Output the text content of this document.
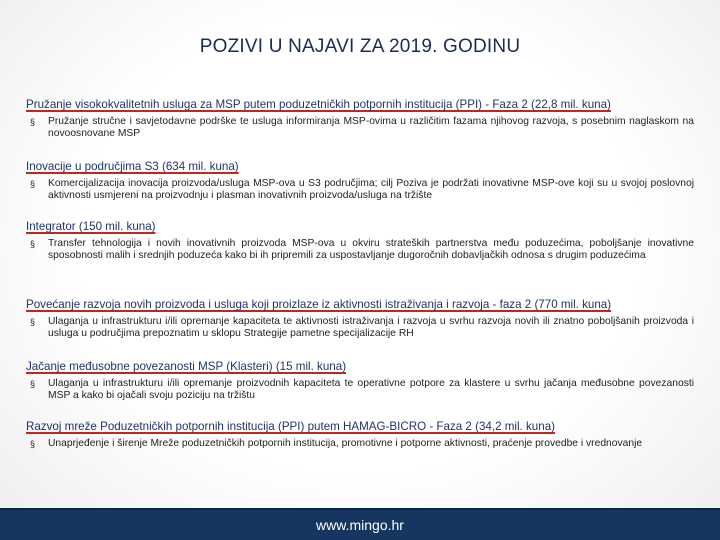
POZIVI U NAJAVI ZA 2019. GODINU
Pružanje visokokvalitetnih usluga za MSP putem poduzetničkih potpornih institucija (PPI) - Faza 2 (22,8 mil. kuna)
§	Pružanje stručne i savjetodavne podrške te usluga informiranja MSP-ovima u različitim fazama njihovog razvoja, s posebnim naglaskom na novoosnovane MSP
Inovacije u područjima S3 (634 mil. kuna)
§	Komercijalizacija inovacija proizvoda/usluga MSP-ova u S3 područjima; cilj Poziva je podržati inovativne MSP-ove koji su u svojoj poslovnoj aktivnosti usmjereni na proizvodnju i plasman inovativnih proizvoda/usluga na tržište
Integrator (150 mil. kuna)
§	Transfer tehnologija i novih inovativnih proizvoda MSP-ova u okviru strateških partnerstva među poduzećima, poboljšanje inovativne sposobnosti malih i srednjih poduzeća kako bi ih pripremili za uspostavljanje dugoročnih dobavljačkih odnosa s drugim poduzećima
Povećanje razvoja novih proizvoda i usluga koji proizlaze iz aktivnosti istraživanja i razvoja - faza 2 (770 mil. kuna)
§	Ulaganja u infrastrukturu i/ili opremanje kapaciteta te aktivnosti istraživanja i razvoja u svrhu razvoja novih ili znatno poboljšanih proizvoda i usluga u područjima prepoznatim u sklopu Strategije pametne specijalizacije RH
Jačanje međusobne povezanosti MSP (Klasteri) (15 mil. kuna)
§	Ulaganja u infrastrukturu i/ili opremanje proizvodnih kapaciteta te operativne potpore za klastere u svrhu jačanja međusobne povezanosti MSP a kako bi ojačali svoju poziciju na tržištu
Razvoj mreže Poduzetničkih potpornih institucija (PPI) putem HAMAG-BICRO - Faza 2 (34,2 mil. kuna)
§	Unaprjeđenje i širenje Mreže poduzetničkih potpornih institucija, promotivne i potporne aktivnosti, praćenje provedbe i vrednovanje
www.mingo.hr
